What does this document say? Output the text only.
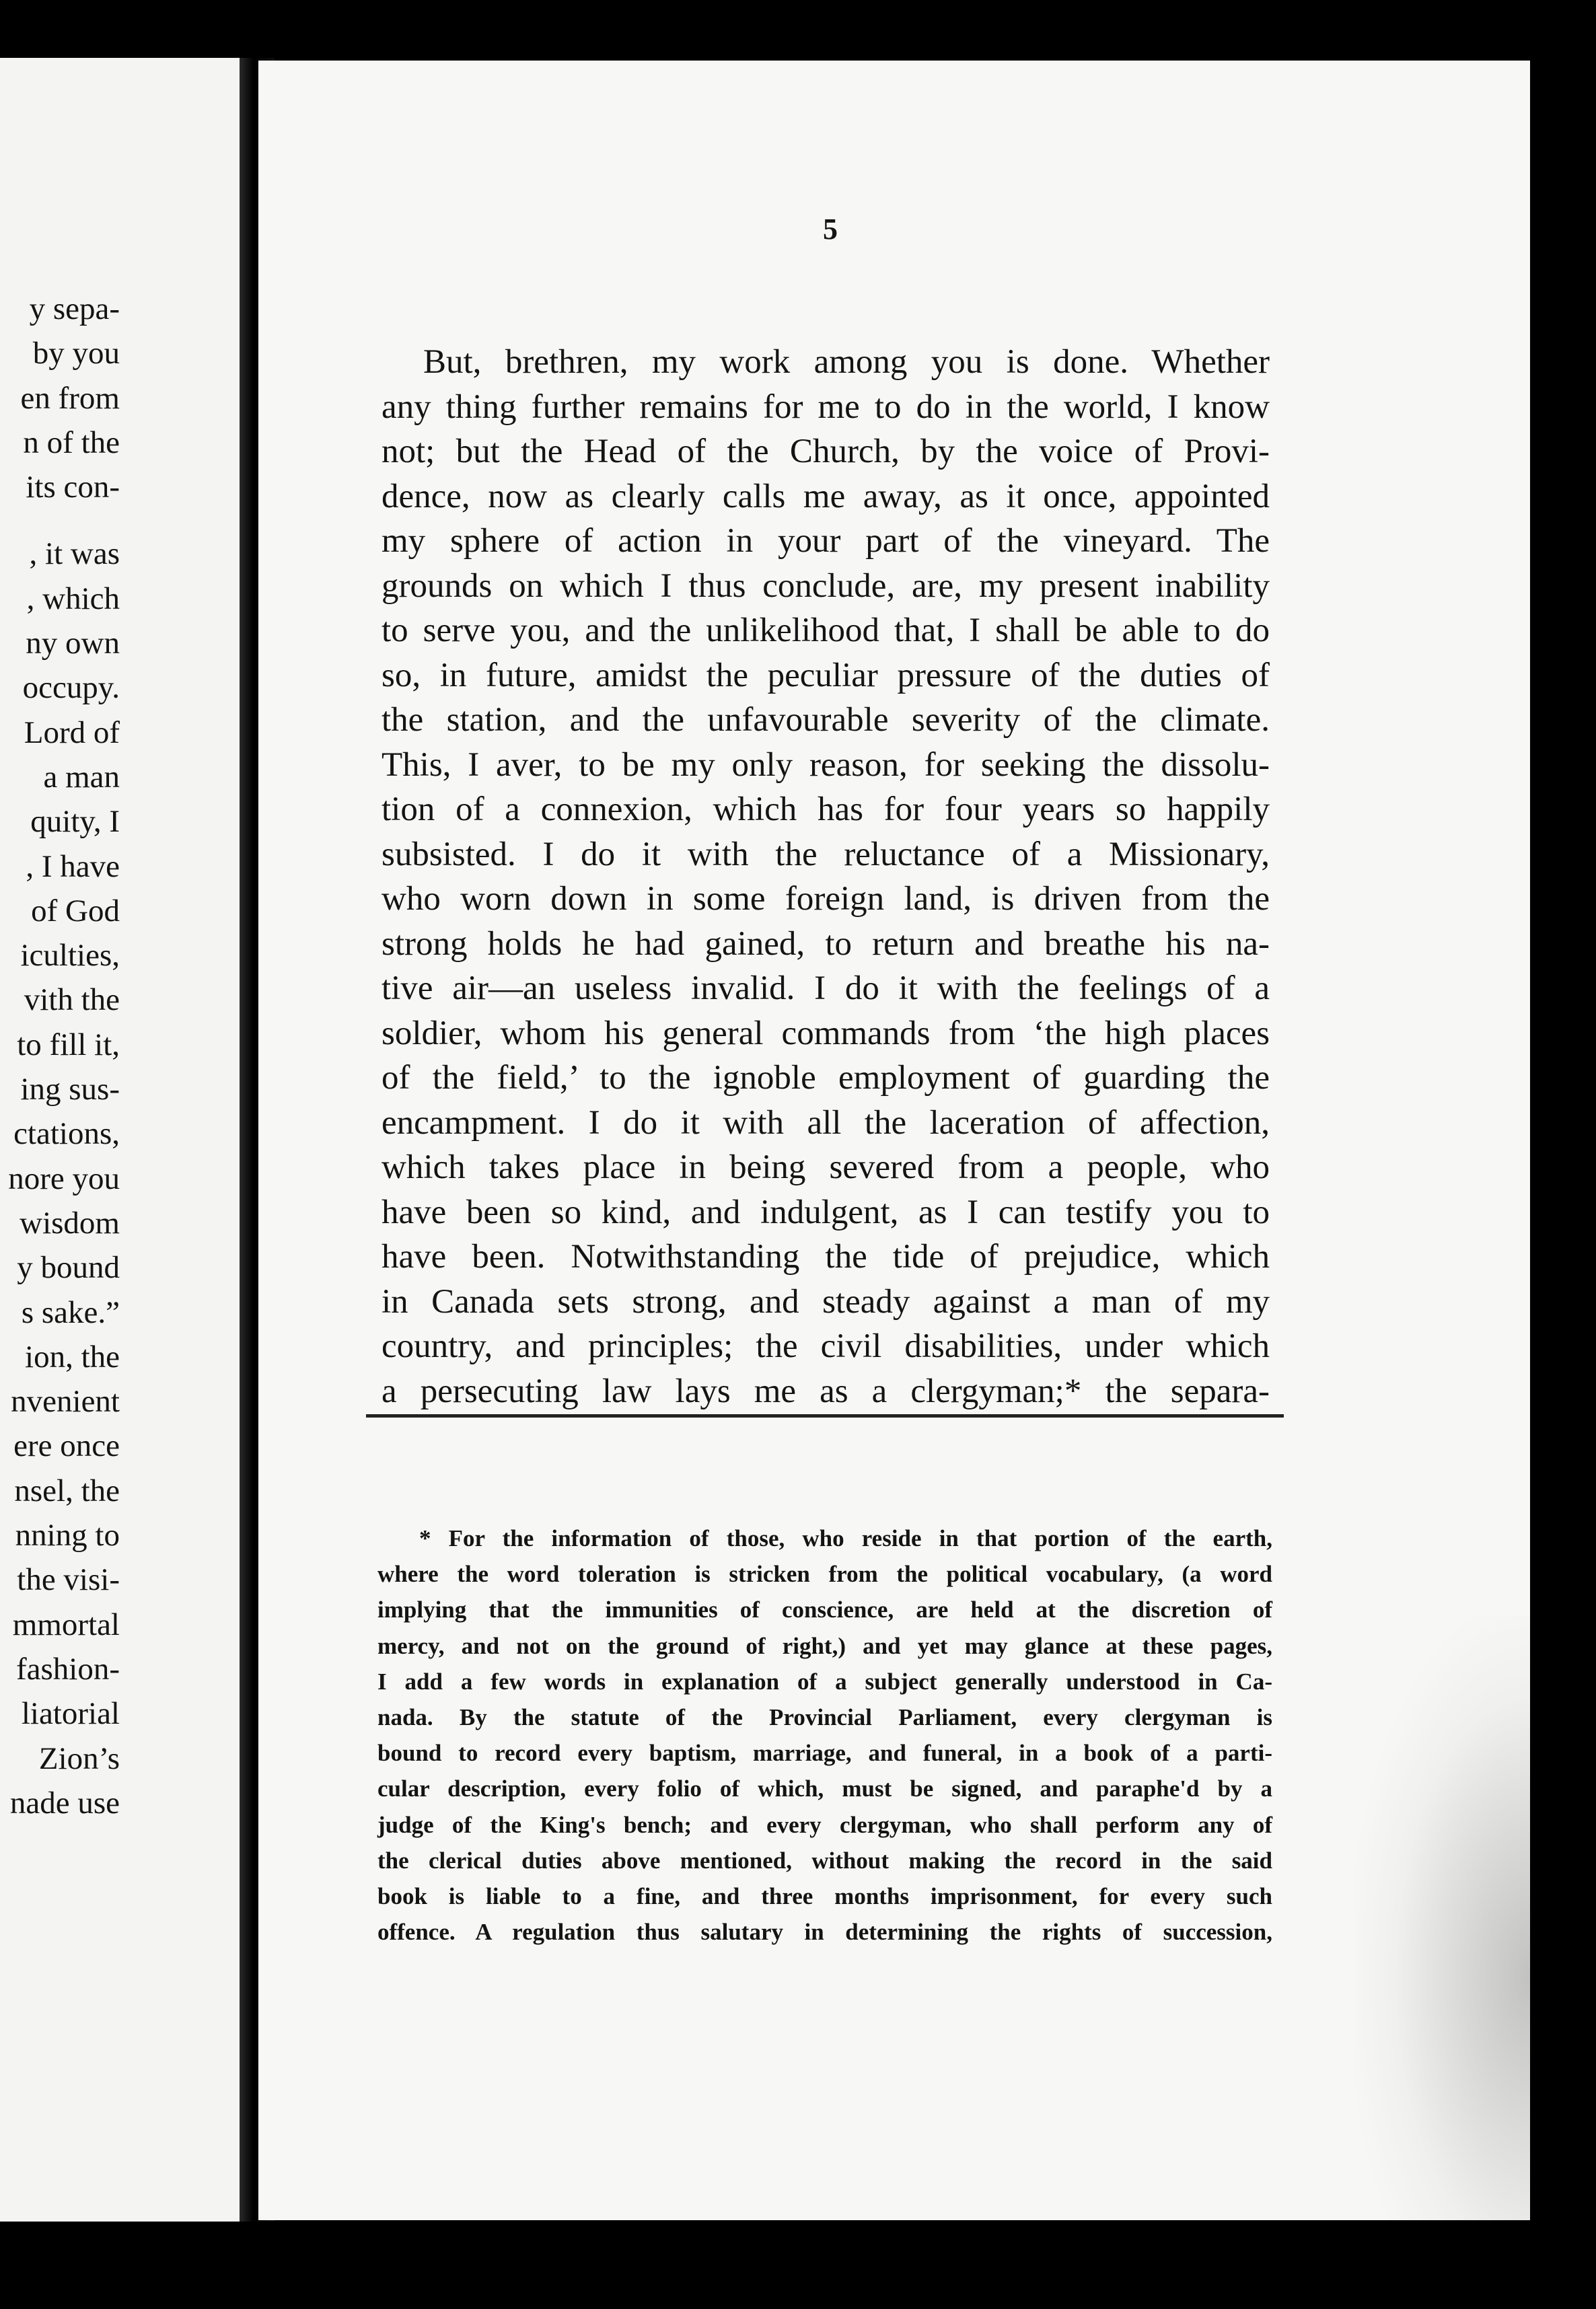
y sepa-
by you
en from
n of the
its con-
, it was
, which
ny own
occupy.
Lord of
a man
quity, I
, I have
of God
iculties,
vith the
to fill it,
ing sus-
ctations,
nore you
wisdom
y bound
s sake.”
ion, the
nvenient
ere once
nsel, the
nning to
the visi-
mmortal
fashion-
liatorial
Zion’s
nade use
5
But, brethren, my work among you is done. Whether
any thing further remains for me to do in the world, I know
not; but the Head of the Church, by the voice of Provi-
dence, now as clearly calls me away, as it once, appointed
my sphere of action in your part of the vineyard. The
grounds on which I thus conclude, are, my present inability
to serve you, and the unlikelihood that, I shall be able to do
so, in future, amidst the peculiar pressure of the duties of
the station, and the unfavourable severity of the climate.
This, I aver, to be my only reason, for seeking the dissolu-
tion of a connexion, which has for four years so happily
subsisted. I do it with the reluctance of a Missionary,
who worn down in some foreign land, is driven from the
strong holds he had gained, to return and breathe his na-
tive air—an useless invalid. I do it with the feelings of a
soldier, whom his general commands from ‘the high places
of the field,’ to the ignoble employment of guarding the
encampment. I do it with all the laceration of affection,
which takes place in being severed from a people, who
have been so kind, and indulgent, as I can testify you to
have been. Notwithstanding the tide of prejudice, which
in Canada sets strong, and steady against a man of my
country, and principles; the civil disabilities, under which
a persecuting law lays me as a clergyman;* the separa-
* For the information of those, who reside in that portion of the earth,
where the word toleration is stricken from the political vocabulary, (a word
implying that the immunities of conscience, are held at the discretion of
mercy, and not on the ground of right,) and yet may glance at these pages,
I add a few words in explanation of a subject generally understood in Ca-
nada. By the statute of the Provincial Parliament, every clergyman is
bound to record every baptism, marriage, and funeral, in a book of a parti-
cular description, every folio of which, must be signed, and paraphe'd by a
judge of the King's bench; and every clergyman, who shall perform any of
the clerical duties above mentioned, without making the record in the said
book is liable to a fine, and three months imprisonment, for every such
offence. A regulation thus salutary in determining the rights of succession,
